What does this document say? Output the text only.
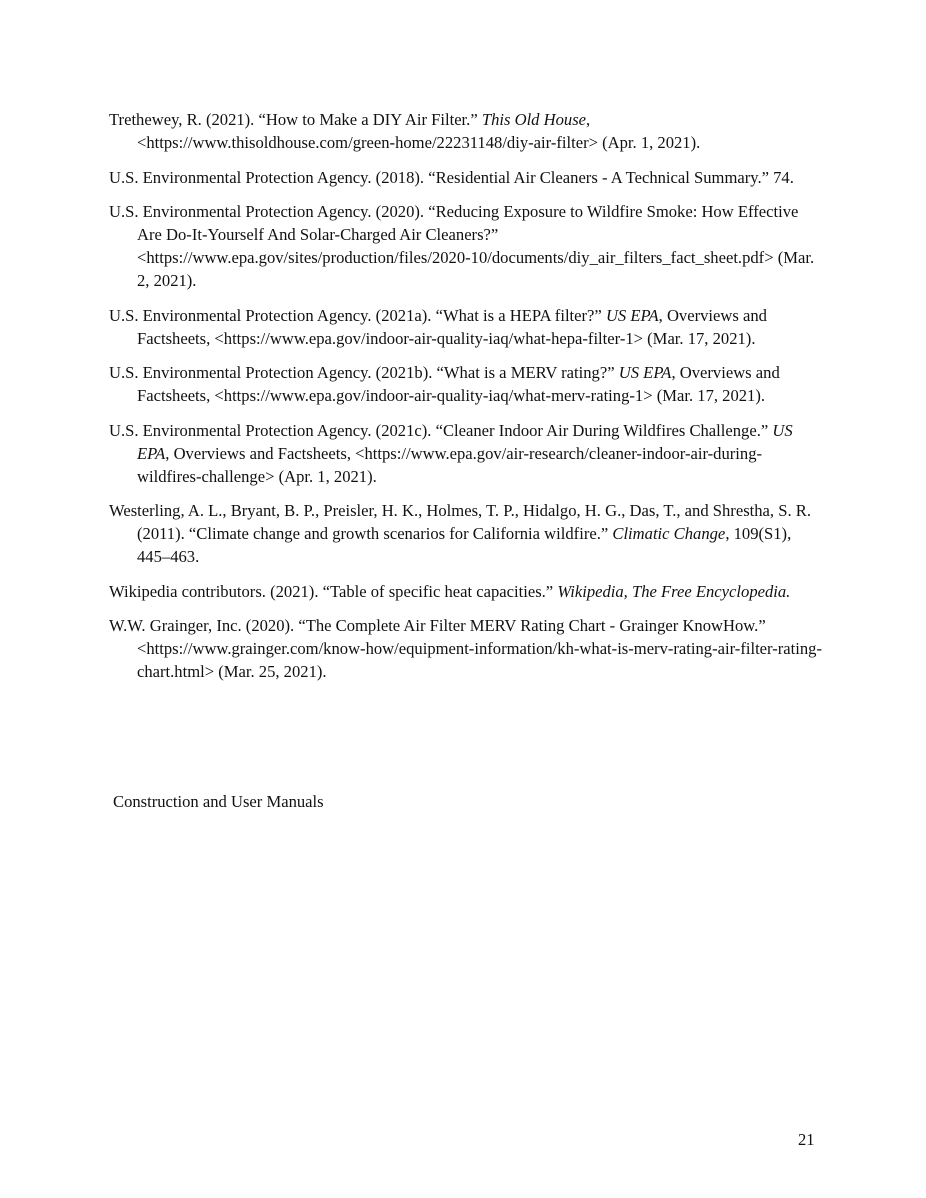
Trethewey, R. (2021). “How to Make a DIY Air Filter.” This Old House, <https://www.thisoldhouse.com/green-home/22231148/diy-air-filter> (Apr. 1, 2021).

U.S. Environmental Protection Agency. (2018). “Residential Air Cleaners - A Technical Summary.” 74.

U.S. Environmental Protection Agency. (2020). “Reducing Exposure to Wildfire Smoke: How Effective Are Do-It-Yourself And Solar-Charged Air Cleaners?” <https://www.epa.gov/sites/production/files/2020-10/documents/diy_air_filters_fact_sheet.pdf> (Mar. 2, 2021).

U.S. Environmental Protection Agency. (2021a). “What is a HEPA filter?” US EPA, Overviews and Factsheets, <https://www.epa.gov/indoor-air-quality-iaq/what-hepa-filter-1> (Mar. 17, 2021).

U.S. Environmental Protection Agency. (2021b). “What is a MERV rating?” US EPA, Overviews and Factsheets, <https://www.epa.gov/indoor-air-quality-iaq/what-merv-rating-1> (Mar. 17, 2021).

U.S. Environmental Protection Agency. (2021c). “Cleaner Indoor Air During Wildfires Challenge.” US EPA, Overviews and Factsheets, <https://www.epa.gov/air-research/cleaner-indoor-air-during-wildfires-challenge> (Apr. 1, 2021).

Westerling, A. L., Bryant, B. P., Preisler, H. K., Holmes, T. P., Hidalgo, H. G., Das, T., and Shrestha, S. R. (2011). “Climate change and growth scenarios for California wildfire.” Climatic Change, 109(S1), 445–463.

Wikipedia contributors. (2021). “Table of specific heat capacities.” Wikipedia, The Free Encyclopedia.

W.W. Grainger, Inc. (2020). “The Complete Air Filter MERV Rating Chart - Grainger KnowHow.” <https://www.grainger.com/know-how/equipment-information/kh-what-is-merv-rating-air-filter-rating-chart.html> (Mar. 25, 2021).

Construction and User Manuals
21
